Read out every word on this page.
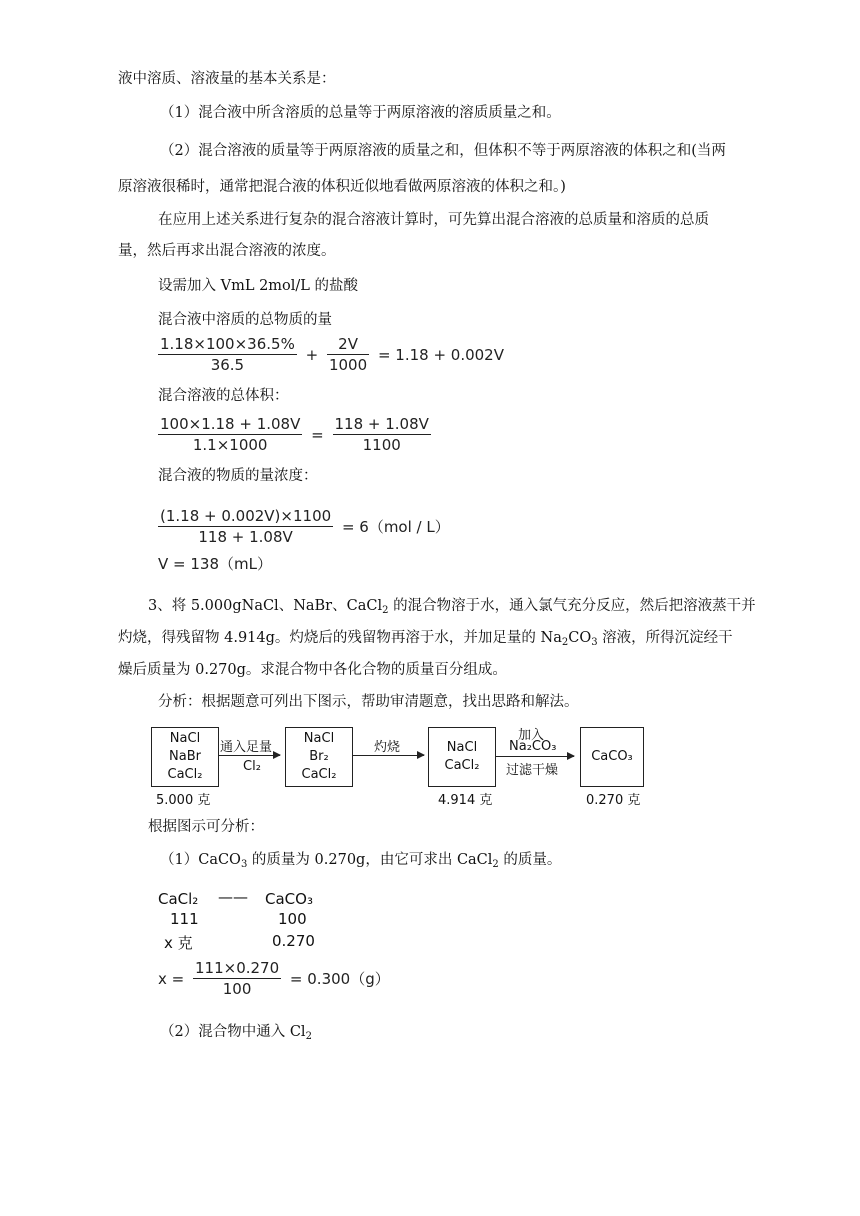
液中溶质、溶液量的基本关系是：
（1）混合液中所含溶质的总量等于两原溶液的溶质质量之和。
（2）混合溶液的质量等于两原溶液的质量之和，但体积不等于两原溶液的体积之和(当两
原溶液很稀时，通常把混合液的体积近似地看做两原溶液的体积之和。)
在应用上述关系进行复杂的混合溶液计算时，可先算出混合溶液的总质量和溶质的总质
量，然后再求出混合溶液的浓度。
设需加入 VmL 2mol/L 的盐酸
混合液中溶质的总物质的量
$\frac{1.18\times 100\times 36.5\%}{36.5} + \frac{2V}{1000} = 1.18 + 0.002V$
混合溶液的总体积：
$\frac{100\times 1.18 + 1.08V}{1.1\times 1000} = \frac{118 + 1.08V}{1100}$
混合液的物质的量浓度：
$\frac{(1.18 + 0.002V)\times 1100}{118 + 1.08V} = 6(mol / L)$
V = 138（mL）
3、将 5.000gNaCl、NaBr、CaCl$_2$ 的混合物溶于水，通入氯气充分反应，然后把溶液蒸干并
灼烧，得残留物 4.914g。灼烧后的残留物再溶于水，并加足量的 $Na_2CO_3$ 溶液，所得沉淀经干
燥后质量为 0.270g。求混合物中各化合物的质量百分组成。
分析：根据题意可列出下图示，帮助审清题意，找出思路和解法。
NaCl
NaBr
CaCl₂
5.000 克
通入足量
Cl₂
NaCl
Br₂
CaCl₂
灼烧	NaCl
CaCl₂
4.914 克
加入
Na₂CO₃
过滤干燥
CaCO₃
0.270 克
根据图示可分析：
（1）CaCO$_3$ 的质量为 0.270g，由它可求出 CaCl$_2$ 的质量。
CaCl₂ —— CaCO₃
111	100
x 克	0.270
$x = \frac{111\times 0.270}{100} = 0.300(g)$
（2）混合物中通入 $Cl_2$
